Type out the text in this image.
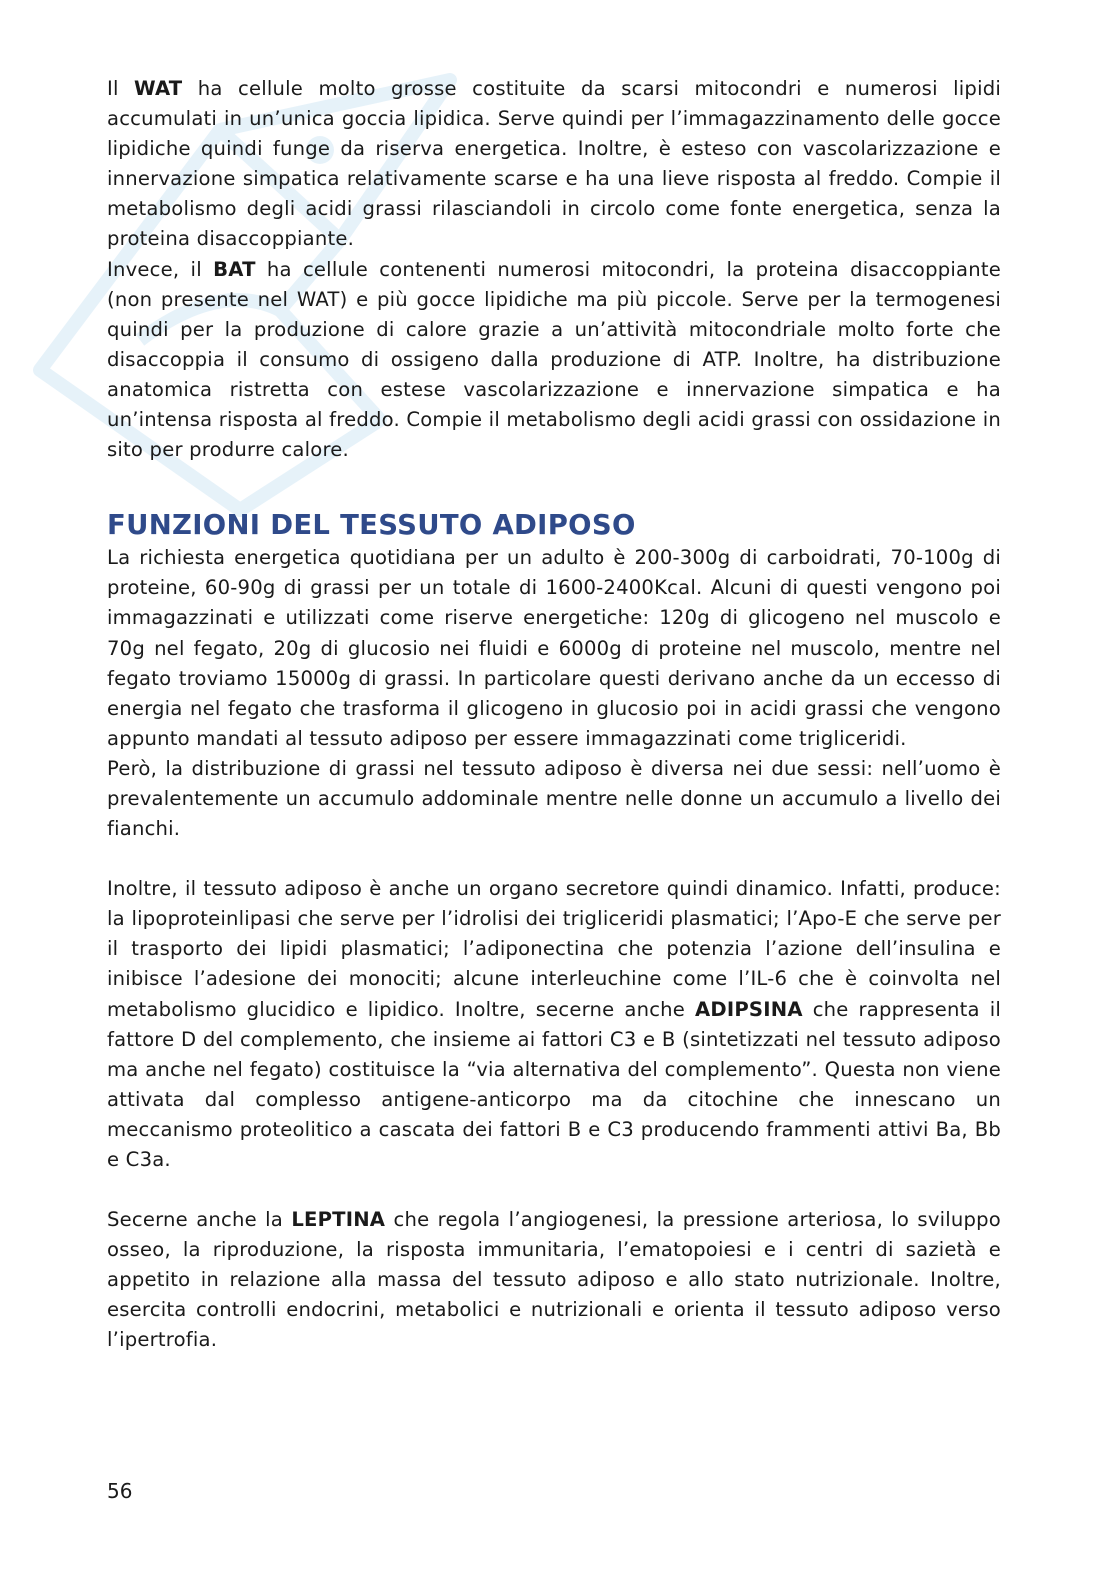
Il WAT ha cellule molto grosse costituite da scarsi mitocondri e numerosi lipidi accumulati in un’unica goccia lipidica. Serve quindi per l’immagazzinamento delle gocce lipidiche quindi funge da riserva energetica. Inoltre, è esteso con vascolarizzazione e innervazione simpatica relativamente scarse e ha una lieve risposta al freddo. Compie il metabolismo degli acidi grassi rilasciandoli in circolo come fonte energetica, senza la proteina disaccoppiante.

Invece, il BAT ha cellule contenenti numerosi mitocondri, la proteina disaccoppiante (non presente nel WAT) e più gocce lipidiche ma più piccole. Serve per la termogenesi quindi per la produzione di calore grazie a un’attività mitocondriale molto forte che disaccoppia il consumo di ossigeno dalla produzione di ATP. Inoltre, ha distribuzione anatomica ristretta con estese vascolarizzazione e innervazione simpatica e ha un’intensa risposta al freddo. Compie il metabolismo degli acidi grassi con ossidazione in sito per produrre calore.

FUNZIONI DEL TESSUTO ADIPOSO

La richiesta energetica quotidiana per un adulto è 200-300g di carboidrati, 70-100g di proteine, 60-90g di grassi per un totale di 1600-2400Kcal. Alcuni di questi vengono poi immagazzinati e utilizzati come riserve energetiche: 120g di glicogeno nel muscolo e 70g nel fegato, 20g di glucosio nei fluidi e 6000g di proteine nel muscolo, mentre nel fegato troviamo 15000g di grassi. In particolare questi derivano anche da un eccesso di energia nel fegato che trasforma il glicogeno in glucosio poi in acidi grassi che vengono appunto mandati al tessuto adiposo per essere immagazzinati come trigliceridi.

Però, la distribuzione di grassi nel tessuto adiposo è diversa nei due sessi: nell’uomo è prevalentemente un accumulo addominale mentre nelle donne un accumulo a livello dei fianchi.

Inoltre, il tessuto adiposo è anche un organo secretore quindi dinamico. Infatti, produce: la lipoproteinlipasi che serve per l’idrolisi dei trigliceridi plasmatici; l’Apo-E che serve per il trasporto dei lipidi plasmatici; l’adiponectina che potenzia l’azione dell’insulina e inibisce l’adesione dei monociti; alcune interleuchine come l’IL-6 che è coinvolta nel metabolismo glucidico e lipidico. Inoltre, secerne anche ADIPSINA che rappresenta il fattore D del complemento, che insieme ai fattori C3 e B (sintetizzati nel tessuto adiposo ma anche nel fegato) costituisce la “via alternativa del complemento”. Questa non viene attivata dal complesso antigene-anticorpo ma da citochine che innescano un meccanismo proteolitico a cascata dei fattori B e C3 producendo frammenti attivi Ba, Bb e C3a.

Secerne anche la LEPTINA che regola l’angiogenesi, la pressione arteriosa, lo sviluppo osseo, la riproduzione, la risposta immunitaria, l’ematopoiesi e i centri di sazietà e appetito in relazione alla massa del tessuto adiposo e allo stato nutrizionale. Inoltre, esercita controlli endocrini, metabolici e nutrizionali e orienta il tessuto adiposo verso l’ipertrofia.

56
